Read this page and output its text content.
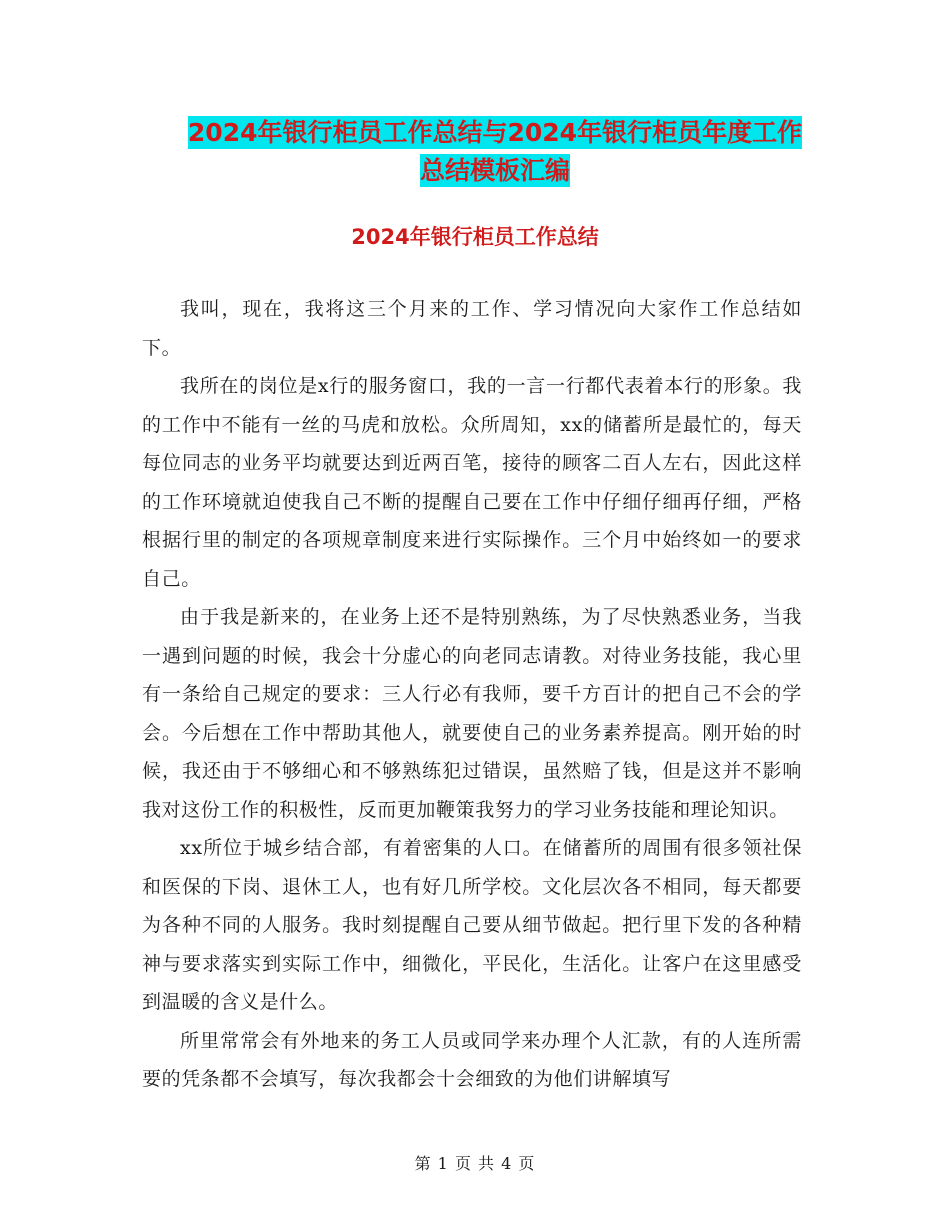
2024年银行柜员工作总结与2024年银行柜员年度工作
总结模板汇编
2024年银行柜员工作总结

我叫，现在，我将这三个月来的工作、学习情况向大家作工作总结如下。

我所在的岗位是x行的服务窗口，我的一言一行都代表着本行的形象。我的工作中不能有一丝的马虎和放松。众所周知，xx的储蓄所是最忙的，每天每位同志的业务平均就要达到近两百笔，接待的顾客二百人左右，因此这样的工作环境就迫使我自己不断的提醒自己要在工作中仔细仔细再仔细，严格根据行里的制定的各项规章制度来进行实际操作。三个月中始终如一的要求自己。

由于我是新来的，在业务上还不是特别熟练，为了尽快熟悉业务，当我一遇到问题的时候，我会十分虚心的向老同志请教。对待业务技能，我心里有一条给自己规定的要求：三人行必有我师，要千方百计的把自己不会的学会。今后想在工作中帮助其他人，就要使自己的业务素养提高。刚开始的时候，我还由于不够细心和不够熟练犯过错误，虽然赔了钱，但是这并不影响我对这份工作的积极性，反而更加鞭策我努力的学习业务技能和理论知识。

xx所位于城乡结合部，有着密集的人口。在储蓄所的周围有很多领社保和医保的下岗、退休工人，也有好几所学校。文化层次各不相同，每天都要为各种不同的人服务。我时刻提醒自己要从细节做起。把行里下发的各种精神与要求落实到实际工作中，细微化，平民化，生活化。让客户在这里感受到温暖的含义是什么。

所里常常会有外地来的务工人员或同学来办理个人汇款，有的人连所需要的凭条都不会填写，每次我都会十会细致的为他们讲解填写

第 1 页 共 4 页
